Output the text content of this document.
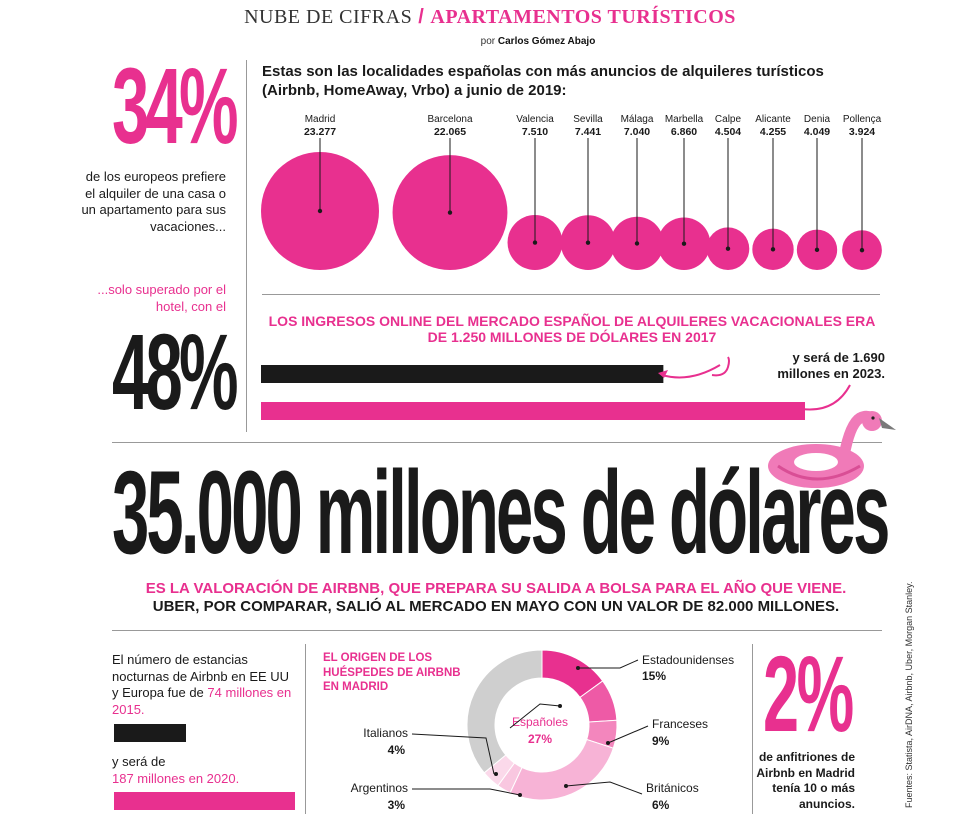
NUBE DE CIFRAS / APARTAMENTOS TURÍSTICOS
por Carlos Gómez Abajo
34%
de los europeos prefiere el alquiler de una casa o un apartamento para sus vacaciones...
...solo superado por el hotel, con el
48%
Estas son las localidades españolas con más anuncios de alquileres turísticos (Airbnb, HomeAway, Vrbo) a junio de 2019:
Madrid
23.277
Barcelona
22.065
Valencia
7.510
Sevilla
7.441
Málaga
7.040
Marbella
6.860
Calpe
4.504
Alicante
4.255
Denia
4.049
Pollença
3.924
LOS INGRESOS ONLINE DEL MERCADO ESPAÑOL DE ALQUILERES VACACIONALES ERA DE 1.250 MILLONES DE DÓLARES EN 2017
y será de 1.690 millones en 2023.
35.000 millones de dólares
ES LA VALORACIÓN DE AIRBNB, QUE PREPARA SU SALIDA A BOLSA PARA EL AÑO QUE VIENE.
UBER, POR COMPARAR, SALIÓ AL MERCADO EN MAYO CON UN VALOR DE 82.000 MILLONES.
El número de estancias nocturnas de Airbnb en EE UU y Europa fue de 74 millones en 2015.
y será de
187 millones en 2020.
Estadounidenses
15%
Franceses
9%
Británicos
6%
Españoles
27%
Argentinos
3%
Italianos
4%
EL ORIGEN DE LOS HUÉSPEDES DE AIRBNB EN MADRID	2%
de anfitriones de Airbnb en Madrid tenía 10 o más anuncios.	Fuentes: Statista, AirDNA, Airbnb, Uber, Morgan Stanley.
